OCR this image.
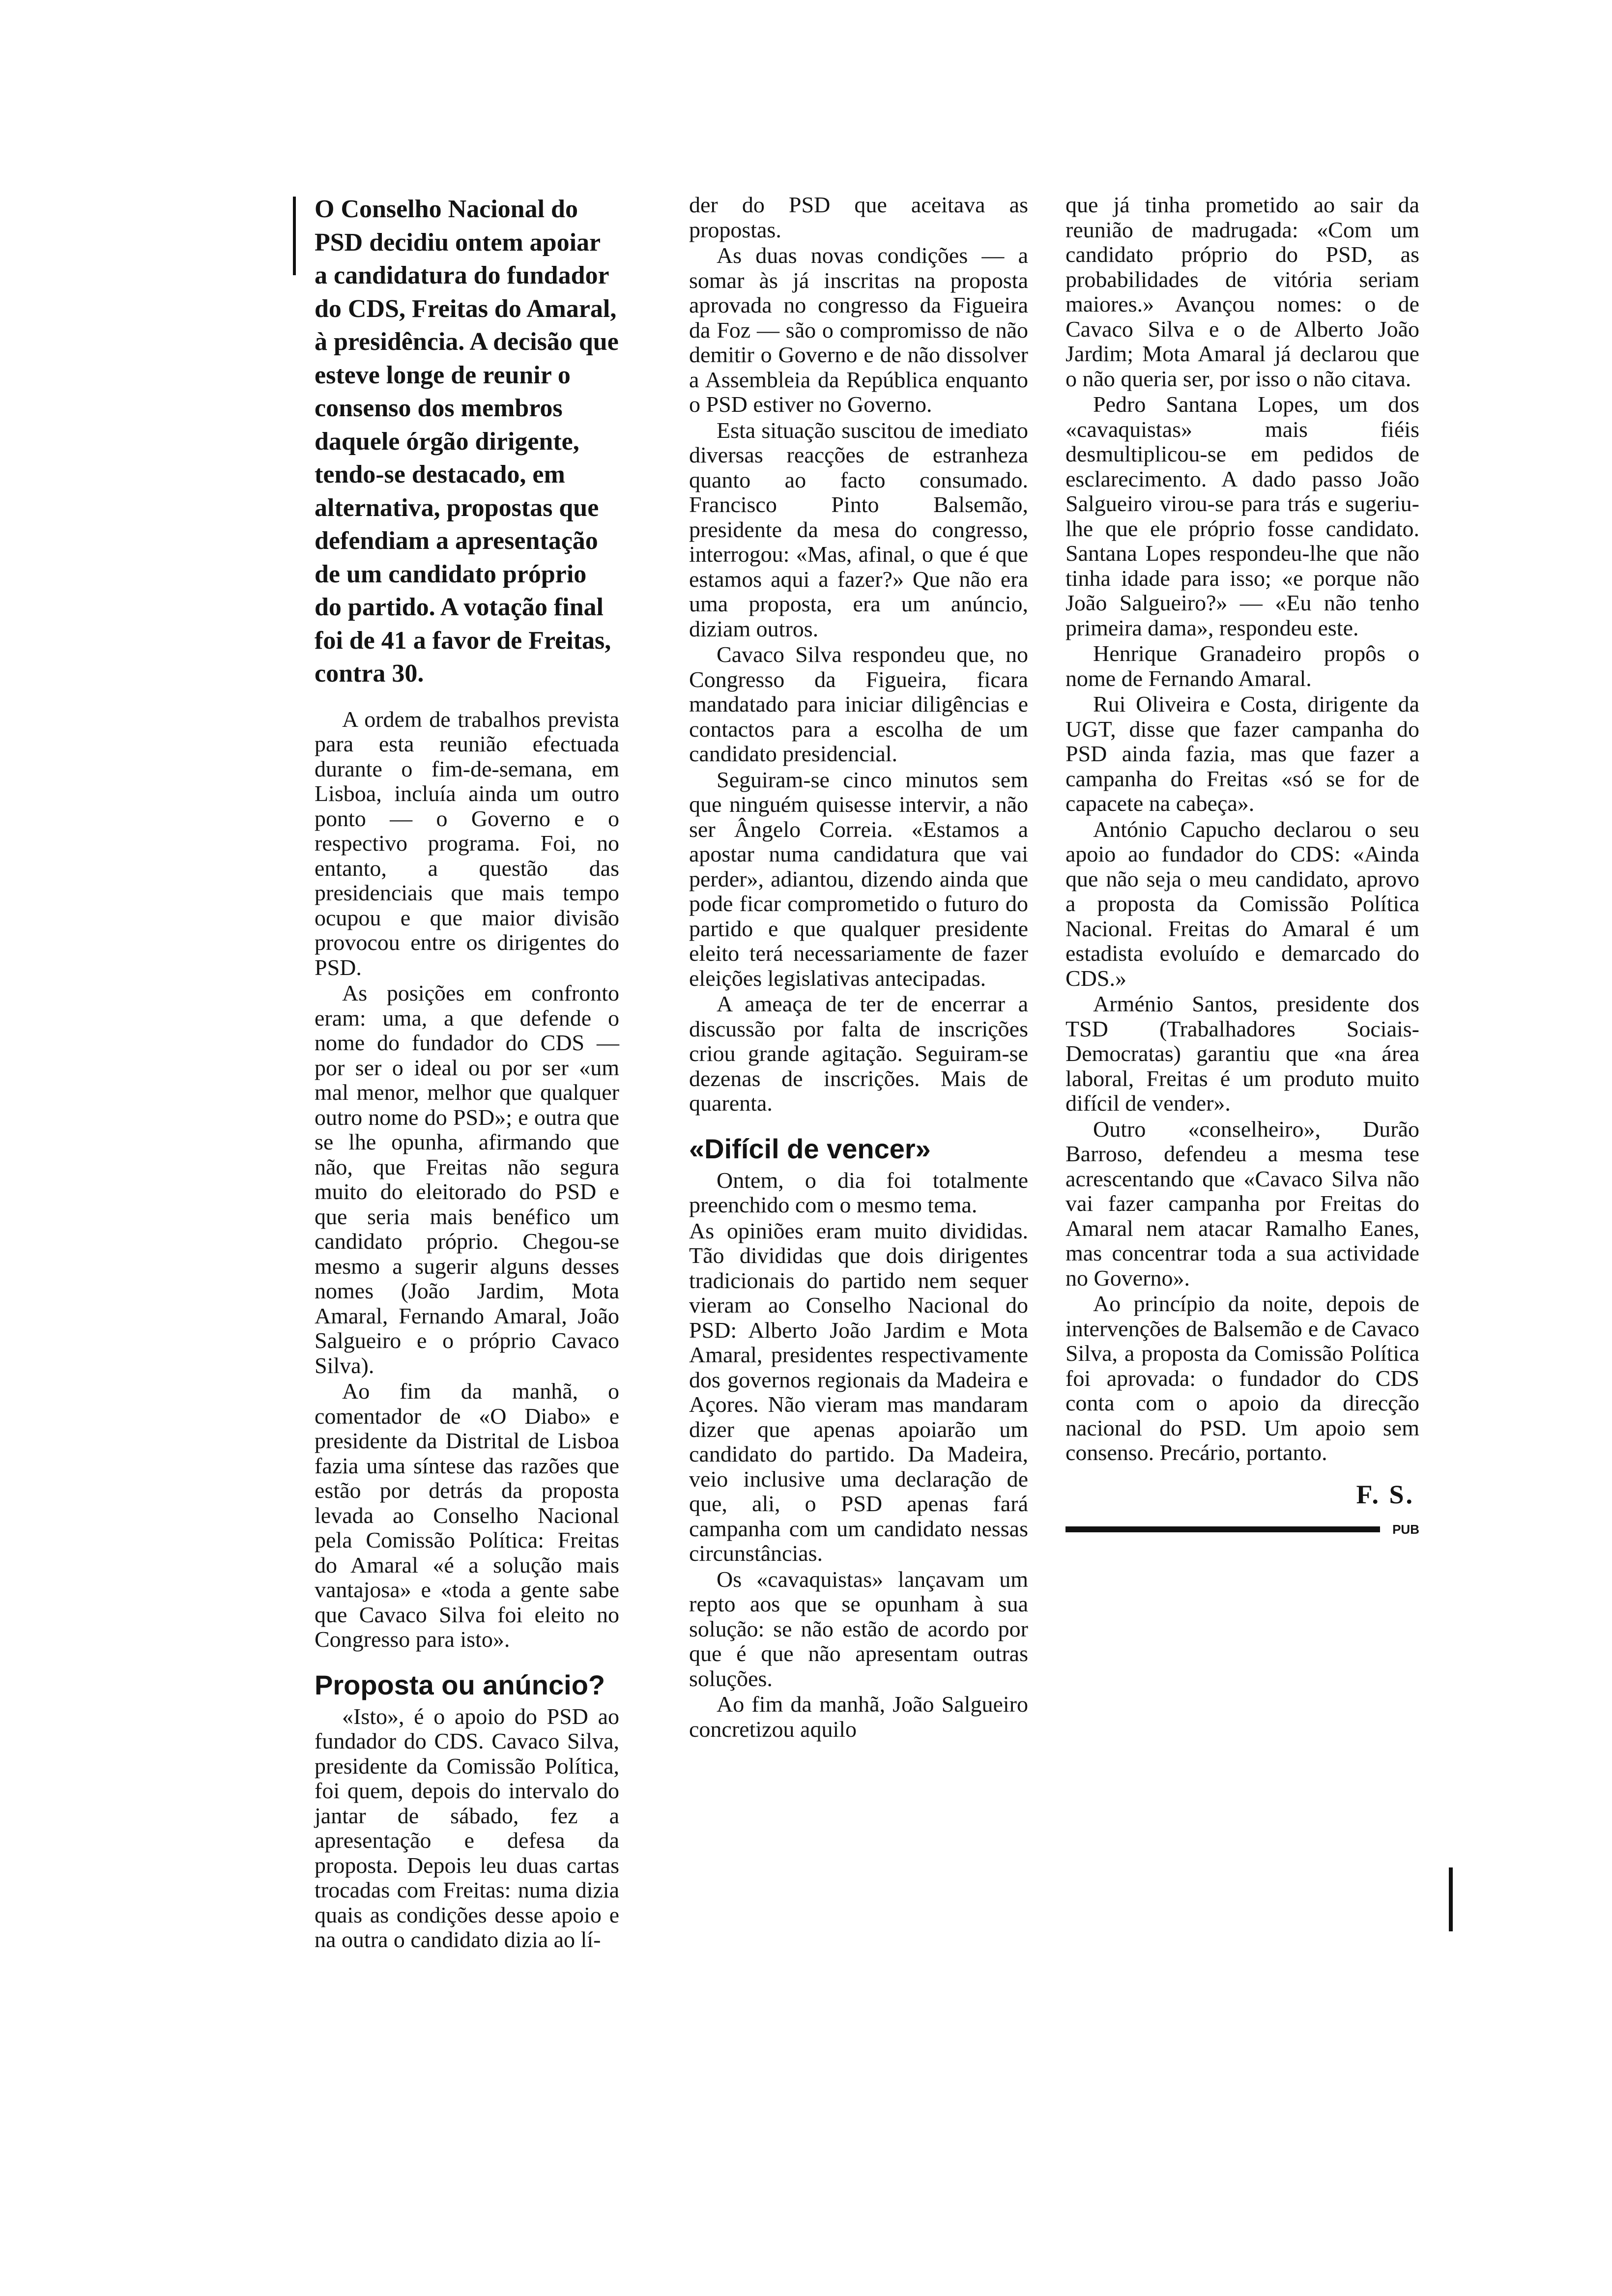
O Conselho Nacional do PSD decidiu ontem apoiar a candidatura do fundador do CDS, Freitas do Amaral, à presidência. A decisão que esteve longe de reunir o consenso dos membros daquele órgão dirigente, tendo-se destacado, em alternativa, propostas que defendiam a apresentação de um candidato próprio do partido. A votação final foi de 41 a favor de Freitas, contra 30.

A ordem de trabalhos prevista para esta reunião efectuada durante o fim-de-semana, em Lisboa, incluía ainda um outro ponto — o Governo e o respectivo programa. Foi, no entanto, a questão das presidenciais que mais tempo ocupou e que maior divisão provocou entre os dirigentes do PSD.

As posições em confronto eram: uma, a que defende o nome do fundador do CDS — por ser o ideal ou por ser «um mal menor, melhor que qualquer outro nome do PSD»; e outra que se lhe opunha, afirmando que não, que Freitas não segura muito do eleitorado do PSD e que seria mais benéfico um candidato próprio. Chegou-se mesmo a sugerir alguns desses nomes (João Jardim, Mota Amaral, Fernando Amaral, João Salgueiro e o próprio Cavaco Silva).

Ao fim da manhã, o comentador de «O Diabo» e presidente da Distrital de Lisboa fazia uma síntese das razões que estão por detrás da proposta levada ao Conselho Nacional pela Comissão Política: Freitas do Amaral «é a solução mais vantajosa» e «toda a gente sabe que Cavaco Silva foi eleito no Congresso para isto».

Proposta ou anúncio?

«Isto», é o apoio do PSD ao fundador do CDS. Cavaco Silva, presidente da Comissão Política, foi quem, depois do intervalo do jantar de sábado, fez a apresentação e defesa da proposta. Depois leu duas cartas trocadas com Freitas: numa dizia quais as condições desse apoio e na outra o candidato dizia ao lí-

der do PSD que aceitava as propostas.

As duas novas condições — a somar às já inscritas na proposta aprovada no congresso da Figueira da Foz — são o compromisso de não demitir o Governo e de não dissolver a Assembleia da República enquanto o PSD estiver no Governo.

Esta situação suscitou de imediato diversas reacções de estranheza quanto ao facto consumado. Francisco Pinto Balsemão, presidente da mesa do congresso, interrogou: «Mas, afinal, o que é que estamos aqui a fazer?» Que não era uma proposta, era um anúncio, diziam outros.

Cavaco Silva respondeu que, no Congresso da Figueira, ficara mandatado para iniciar diligências e contactos para a escolha de um candidato presidencial.

Seguiram-se cinco minutos sem que ninguém quisesse intervir, a não ser Ângelo Correia. «Estamos a apostar numa candidatura que vai perder», adiantou, dizendo ainda que pode ficar comprometido o futuro do partido e que qualquer presidente eleito terá necessariamente de fazer eleições legislativas antecipadas.

A ameaça de ter de encerrar a discussão por falta de inscrições criou grande agitação. Seguiram-se dezenas de inscrições. Mais de quarenta.

«Difícil de vencer»

Ontem, o dia foi totalmente preenchido com o mesmo tema.

As opiniões eram muito divididas. Tão divididas que dois dirigentes tradicionais do partido nem sequer vieram ao Conselho Nacional do PSD: Alberto João Jardim e Mota Amaral, presidentes respectivamente dos governos regionais da Madeira e Açores. Não vieram mas mandaram dizer que apenas apoiarão um candidato do partido. Da Madeira, veio inclusive uma declaração de que, ali, o PSD apenas fará campanha com um candidato nessas circunstâncias.

Os «cavaquistas» lançavam um repto aos que se opunham à sua solução: se não estão de acordo por que é que não apresentam outras soluções.

Ao fim da manhã, João Salgueiro concretizou aquilo

que já tinha prometido ao sair da reunião de madrugada: «Com um candidato próprio do PSD, as probabilidades de vitória seriam maiores.» Avançou nomes: o de Cavaco Silva e o de Alberto João Jardim; Mota Amaral já declarou que o não queria ser, por isso o não citava.

Pedro Santana Lopes, um dos «cavaquistas» mais fiéis desmultiplicou-se em pedidos de esclarecimento. A dado passo João Salgueiro virou-se para trás e sugeriu-lhe que ele próprio fosse candidato. Santana Lopes respondeu-lhe que não tinha idade para isso; «e porque não João Salgueiro?» — «Eu não tenho primeira dama», respondeu este.

Henrique Granadeiro propôs o nome de Fernando Amaral.

Rui Oliveira e Costa, dirigente da UGT, disse que fazer campanha do PSD ainda fazia, mas que fazer a campanha do Freitas «só se for de capacete na cabeça».

António Capucho declarou o seu apoio ao fundador do CDS: «Ainda que não seja o meu candidato, aprovo a proposta da Comissão Política Nacional. Freitas do Amaral é um estadista evoluído e demarcado do CDS.»

Arménio Santos, presidente dos TSD (Trabalhadores Sociais-Democratas) garantiu que «na área laboral, Freitas é um produto muito difícil de vender».

Outro «conselheiro», Durão Barroso, defendeu a mesma tese acrescentando que «Cavaco Silva não vai fazer campanha por Freitas do Amaral nem atacar Ramalho Eanes, mas concentrar toda a sua actividade no Governo».

Ao princípio da noite, depois de intervenções de Balsemão e de Cavaco Silva, a proposta da Comissão Política foi aprovada: o fundador do CDS conta com o apoio da direcção nacional do PSD. Um apoio sem consenso. Precário, portanto.

F. S.
PUB
